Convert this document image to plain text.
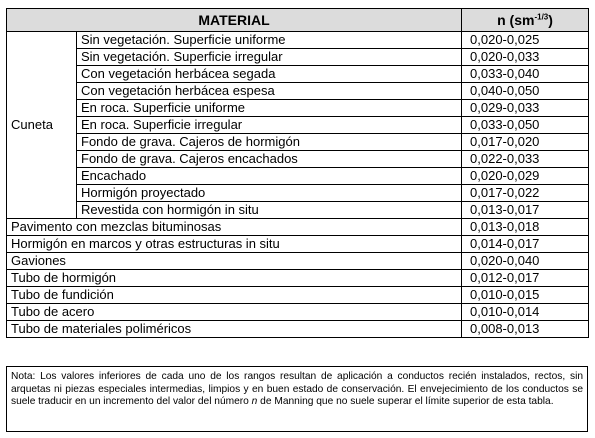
MATERIAL		n $(sm^{-1/3})$
Cuneta	Sin vegetación. Superficie uniforme	0,020-0,025
	Sin vegetación. Superficie irregular	0,020-0,033
	Con vegetación herbácea segada	0,033-0,040
	Con vegetación herbácea espesa	0,040-0,050
	En roca. Superficie uniforme	0,029-0,033
	En roca. Superficie irregular	0,033-0,050
	Fondo de grava. Cajeros de hormigón	0,017-0,020
	Fondo de grava. Cajeros encachados	0,022-0,033
	Encachado	0,020-0,029
	Hormigón proyectado	0,017-0,022
	Revestida con hormigón in situ	0,013-0,017
Pavimento con mezclas bituminosas		0,013-0,018
Hormigón en marcos y otras estructuras in situ		0,014-0,017
Gaviones		0,020-0,040
Tubo de hormigón		0,012-0,017
Tubo de fundición		0,010-0,015
Tubo de acero		0,010-0,014
Tubo de materiales poliméricos		0,008-0,013
Nota: Los valores inferiores de cada uno de los rangos resultan de aplicación a conductos recién instalados, rectos, sin arquetas ni piezas especiales intermedias, limpios y en buen estado de conservación. El envejecimiento de los conductos se suele traducir en un incremento del valor del número n de Manning que no suele superar el límite superior de esta tabla.
